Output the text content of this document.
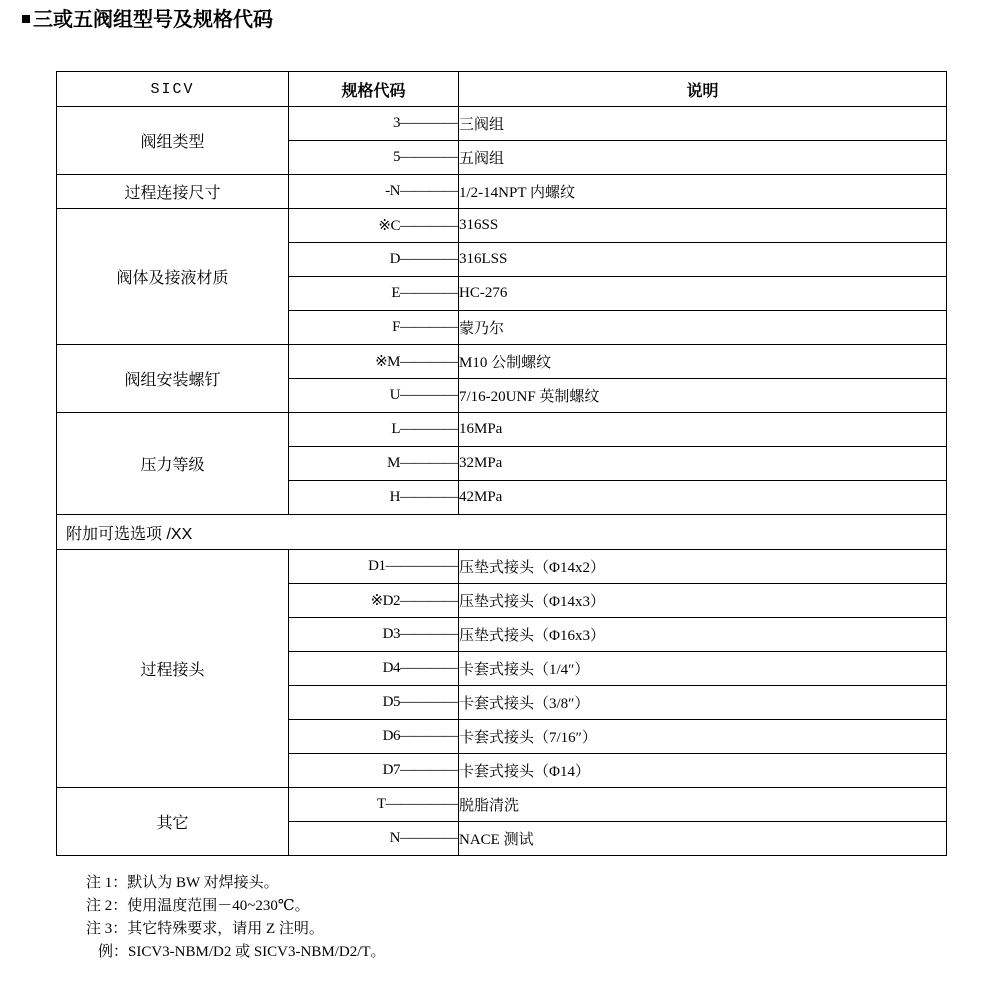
三或五阀组型号及规格代码
SICV	规格代码	说明
阀组类型	3————	三阀组
	5————	五阀组
过程连接尺寸	-N————	1/2-14NPT 内螺纹
阀体及接液材质	※C————	316SS
	D————	316LSS
	E————	HC-276
	F————	蒙乃尔
阀组安装螺钉	※M————	M10 公制螺纹
	U————	7/16-20UNF 英制螺纹
压力等级	L————	16MPa
	M————	32MPa
	H————	42MPa
附加可选选项 /XX		
过程接头	D1—————	压垫式接头（Φ14x2）
	※D2————	压垫式接头（Φ14x3）
	D3————	压垫式接头（Φ16x3）
	D4————	卡套式接头（1/4″）
	D5————	卡套式接头（3/8″）
	D6————	卡套式接头（7/16″）
	D7————	卡套式接头（Φ14）
其它	T—————	脱脂清洗
	N————	NACE 测试
注 1：默认为 BW 对焊接头。
注 2：使用温度范围－40~230℃。
注 3：其它特殊要求，请用 Z 注明。
例：SICV3-NBM/D2 或 SICV3-NBM/D2/T。
